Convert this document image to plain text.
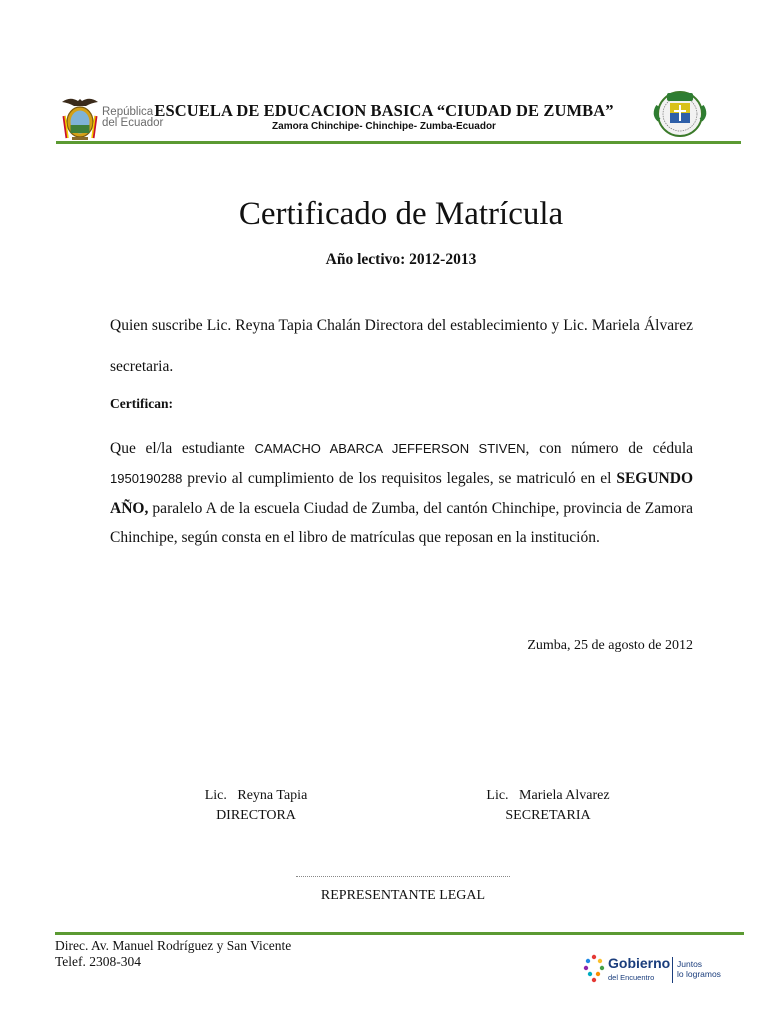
República
del Ecuador
ESCUELA DE EDUCACION BASICA “CIUDAD DE ZUMBA”
Zamora Chinchipe- Chinchipe- Zumba-Ecuador
Certificado de Matrícula
Año lectivo: 2012-2013
Quien suscribe Lic. Reyna Tapia Chalán Directora del establecimiento y Lic. Mariela Álvarez secretaria.
Certifican:
Que el/la estudiante CAMACHO ABARCA JEFFERSON STIVEN, con número de cédula 1950190288 previo al cumplimiento de los requisitos legales, se matriculó en el SEGUNDO AÑO, paralelo A de la escuela Ciudad de Zumba, del cantón Chinchipe, provincia de Zamora Chinchipe, según consta en el libro de matrículas que reposan en la institución.
Zumba, 25 de agosto de 2012
Lic.   Reyna Tapia
DIRECTORA
Lic.   Mariela Alvarez
SECRETARIA
REPRESENTANTE LEGAL
Direc. Av. Manuel Rodríguez y San Vicente
Telef. 2308-304	Gobierno
del Encuentro
Juntos
lo logramos
